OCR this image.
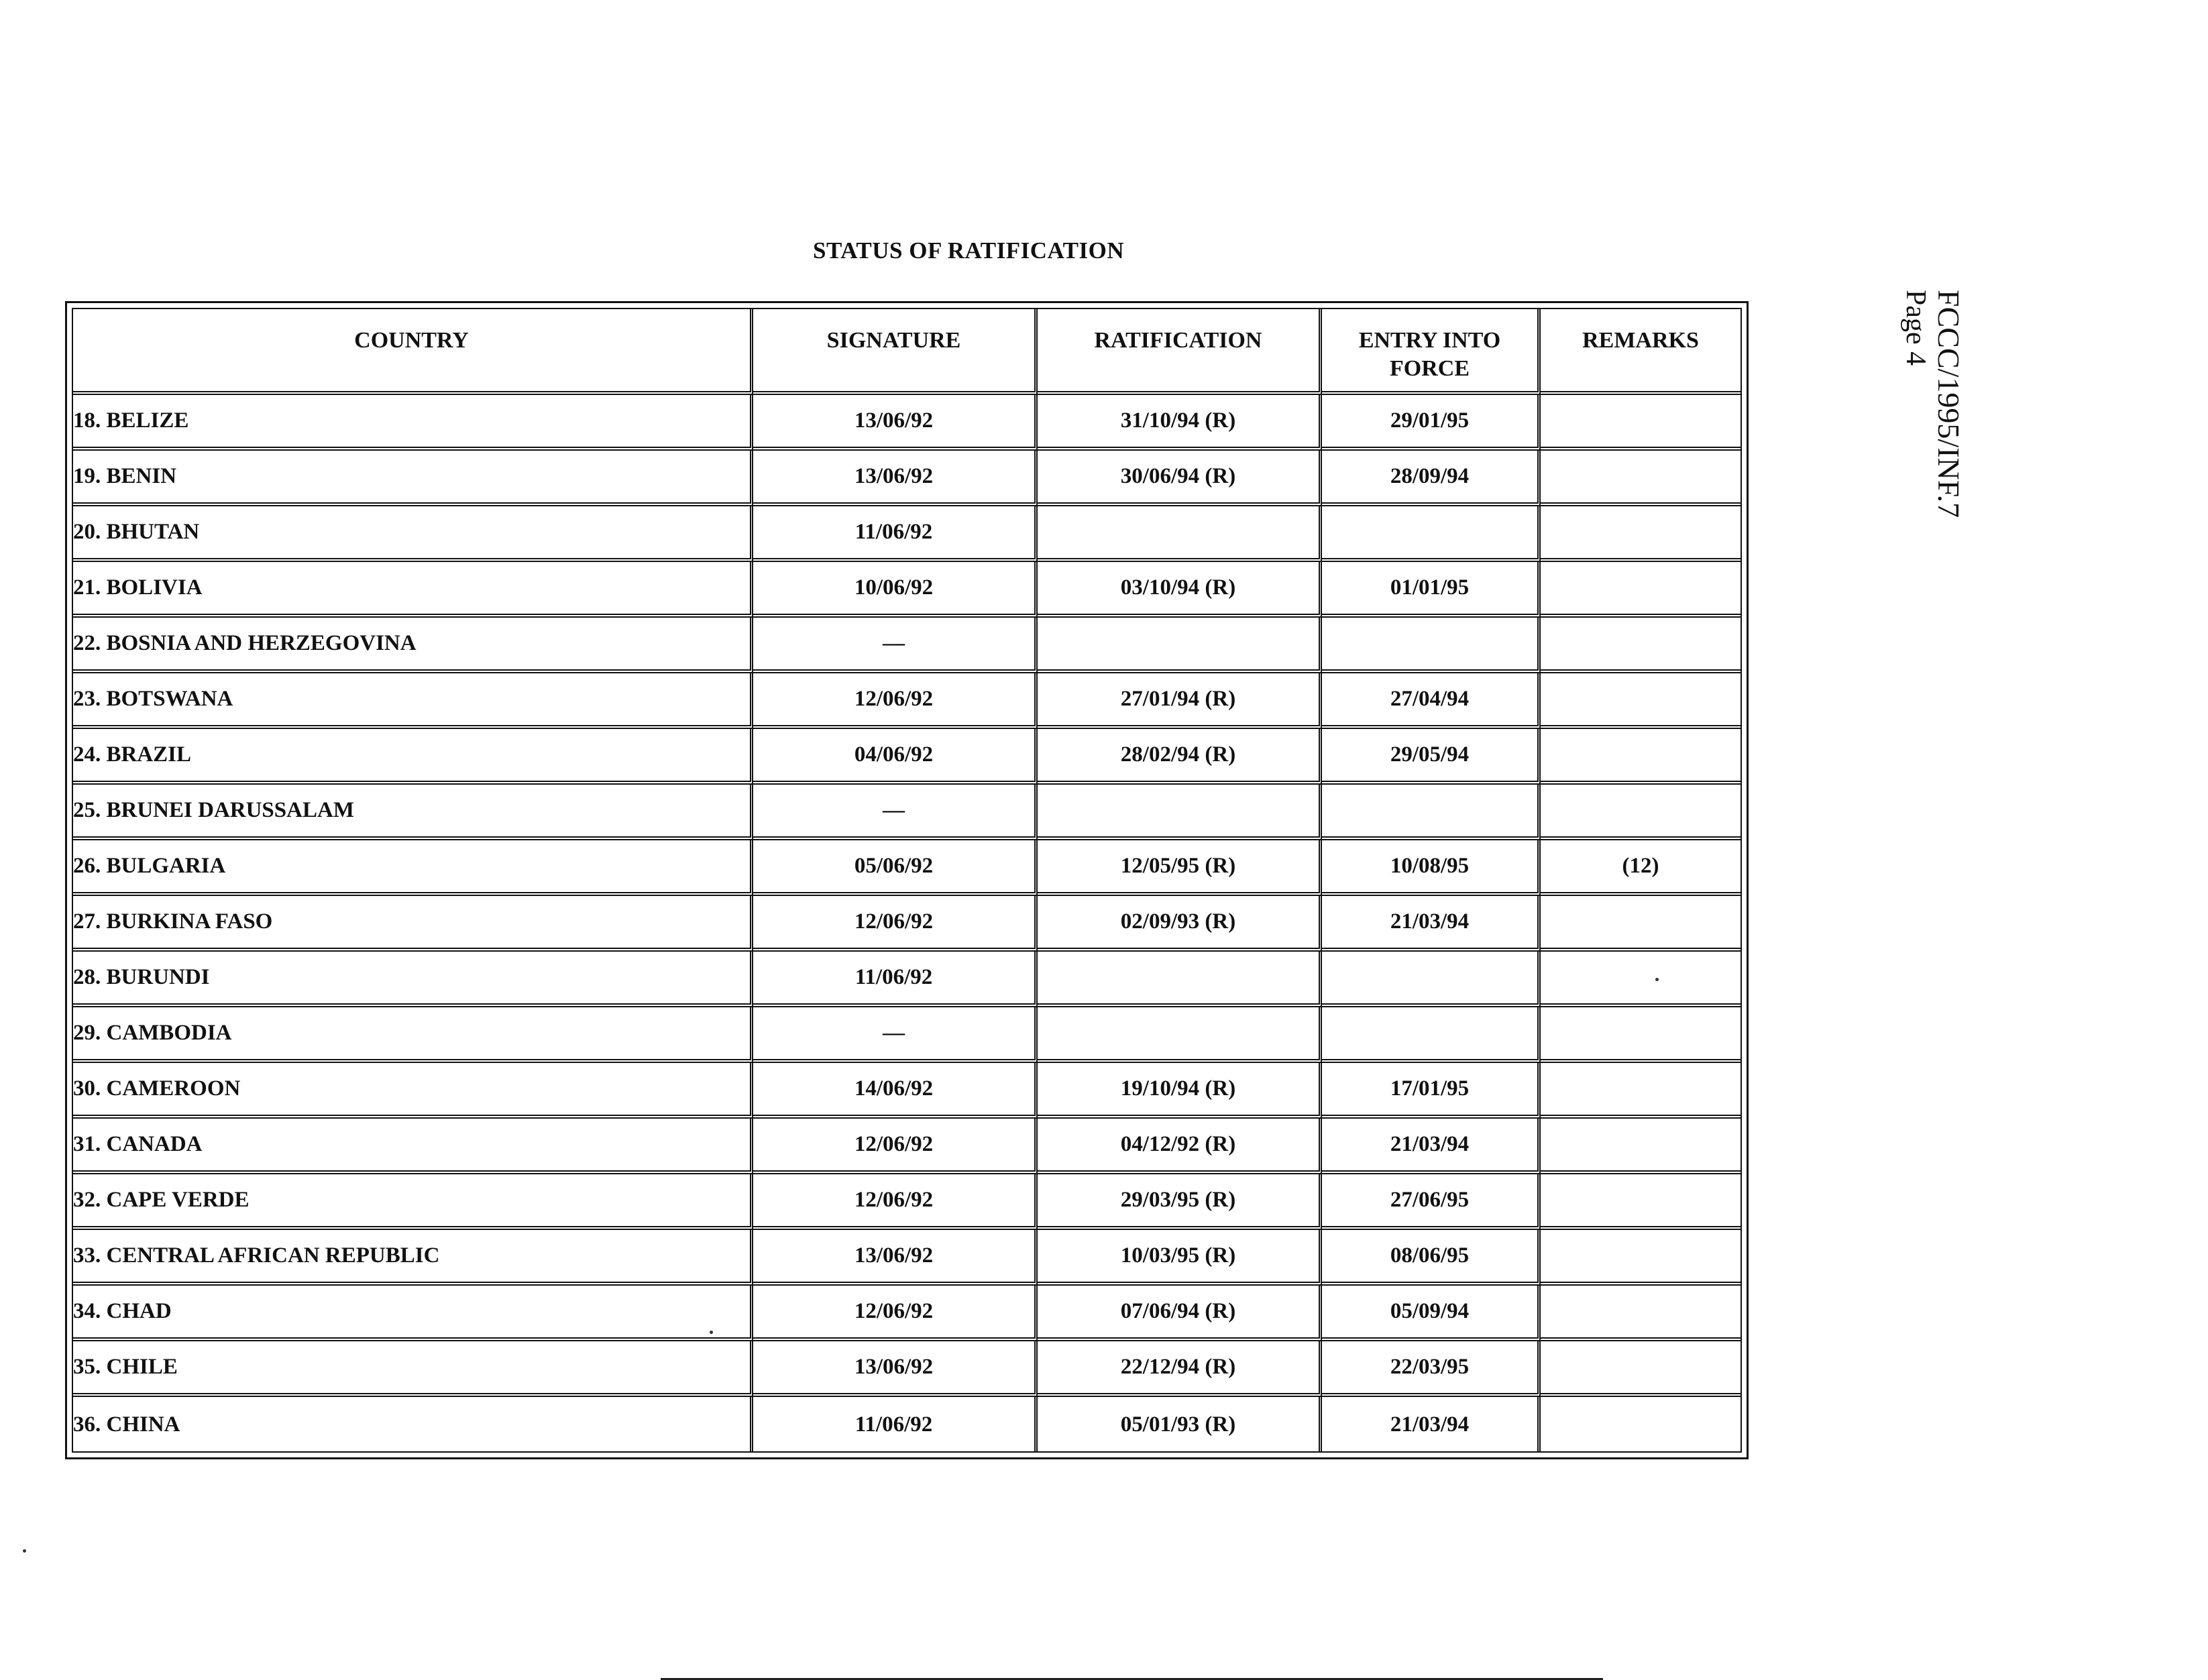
STATUS OF RATIFICATION
FCCC/1995/INF.7
Page 4
COUNTRY	SIGNATURE	RATIFICATION	ENTRY INTO FORCE	REMARKS
18. BELIZE	13/06/92	31/10/94 (R)	29/01/95	
19. BENIN	13/06/92	30/06/94 (R)	28/09/94	
20. BHUTAN	11/06/92			
21. BOLIVIA	10/06/92	03/10/94 (R)	01/01/95	
22. BOSNIA AND HERZEGOVINA	—			
23. BOTSWANA	12/06/92	27/01/94 (R)	27/04/94	
24. BRAZIL	04/06/92	28/02/94 (R)	29/05/94	
25. BRUNEI DARUSSALAM	—			
26. BULGARIA	05/06/92	12/05/95 (R)	10/08/95	(12)
27. BURKINA FASO	12/06/92	02/09/93 (R)	21/03/94	
28. BURUNDI	11/06/92			
29. CAMBODIA	—			
30. CAMEROON	14/06/92	19/10/94 (R)	17/01/95	
31. CANADA	12/06/92	04/12/92 (R)	21/03/94	
32. CAPE VERDE	12/06/92	29/03/95 (R)	27/06/95	
33. CENTRAL AFRICAN REPUBLIC	13/06/92	10/03/95 (R)	08/06/95	
34. CHAD	12/06/92	07/06/94 (R)	05/09/94	
35. CHILE	13/06/92	22/12/94 (R)	22/03/95	
36. CHINA	11/06/92	05/01/93 (R)	21/03/94	
